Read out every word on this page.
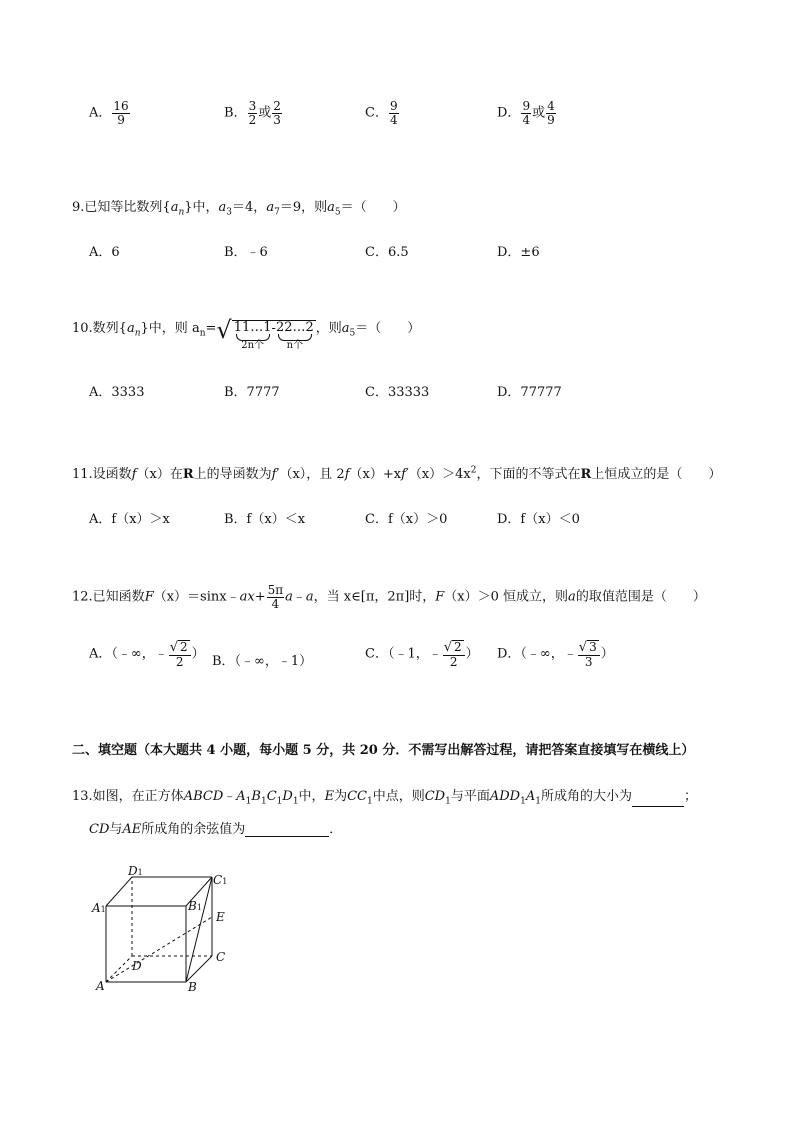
A． $\frac{16}{9}$	B． $\frac{3}{2}$ 或 $\frac{2}{3}$	C． $\frac{9}{4}$	D． $\frac{9}{4}$ 或 $\frac{4}{9}$
9.已知等比数列$\{a_n\}$中，$a_3=4$，$a_7=9$，则$a_5=$（　　）
A．6	B．﹣6	C．6.5	D．±6
10.数列$\{a_n\}$中，则 $a_n=√$ 11…1
2n个
-22…2
n个
，则$a_5=$（　　）
A．3333	B．7777	C．33333	D．77777
11.设函数f（x）在R上的导函数为f′（x），且 $2f(x)+xf'(x)>4x^2$，下面的不等式在R上恒成立的是（　　）
A．f（x）＞x	B．f（x）＜x	C．f（x）＞0	D．f（x）＜0
12.已知函数F（x）＝sinx﹣ax+ $\frac{5\pi}{4}$ a﹣a，当 x∈[π，2π]时，F（x）＞0 恒成立，则a的取值范围是（　　）
A．（﹣∞，﹣ $\frac{√ 2}{2}$ ） B．（﹣∞，﹣1）	C．（﹣1，﹣ $\frac{√ 2}{2}$ ） D．（﹣∞，﹣ $\frac{√ 3}{3}$ ）
二、填空题（本大题共 4 小题，每小题 5 分，共 20 分．不需写出解答过程，请把答案直接填写在横线上）
13.如图，在正方体$ABCD﹣A_1B_1C_1D_1$中，E为$CC_1$中点，则$CD_1$与平面$ADD_1A_1$所成角的大小为	；
CD与AE所成角的余弦值为	．
D1
C1
A1	B1
E
D
C
A	B
